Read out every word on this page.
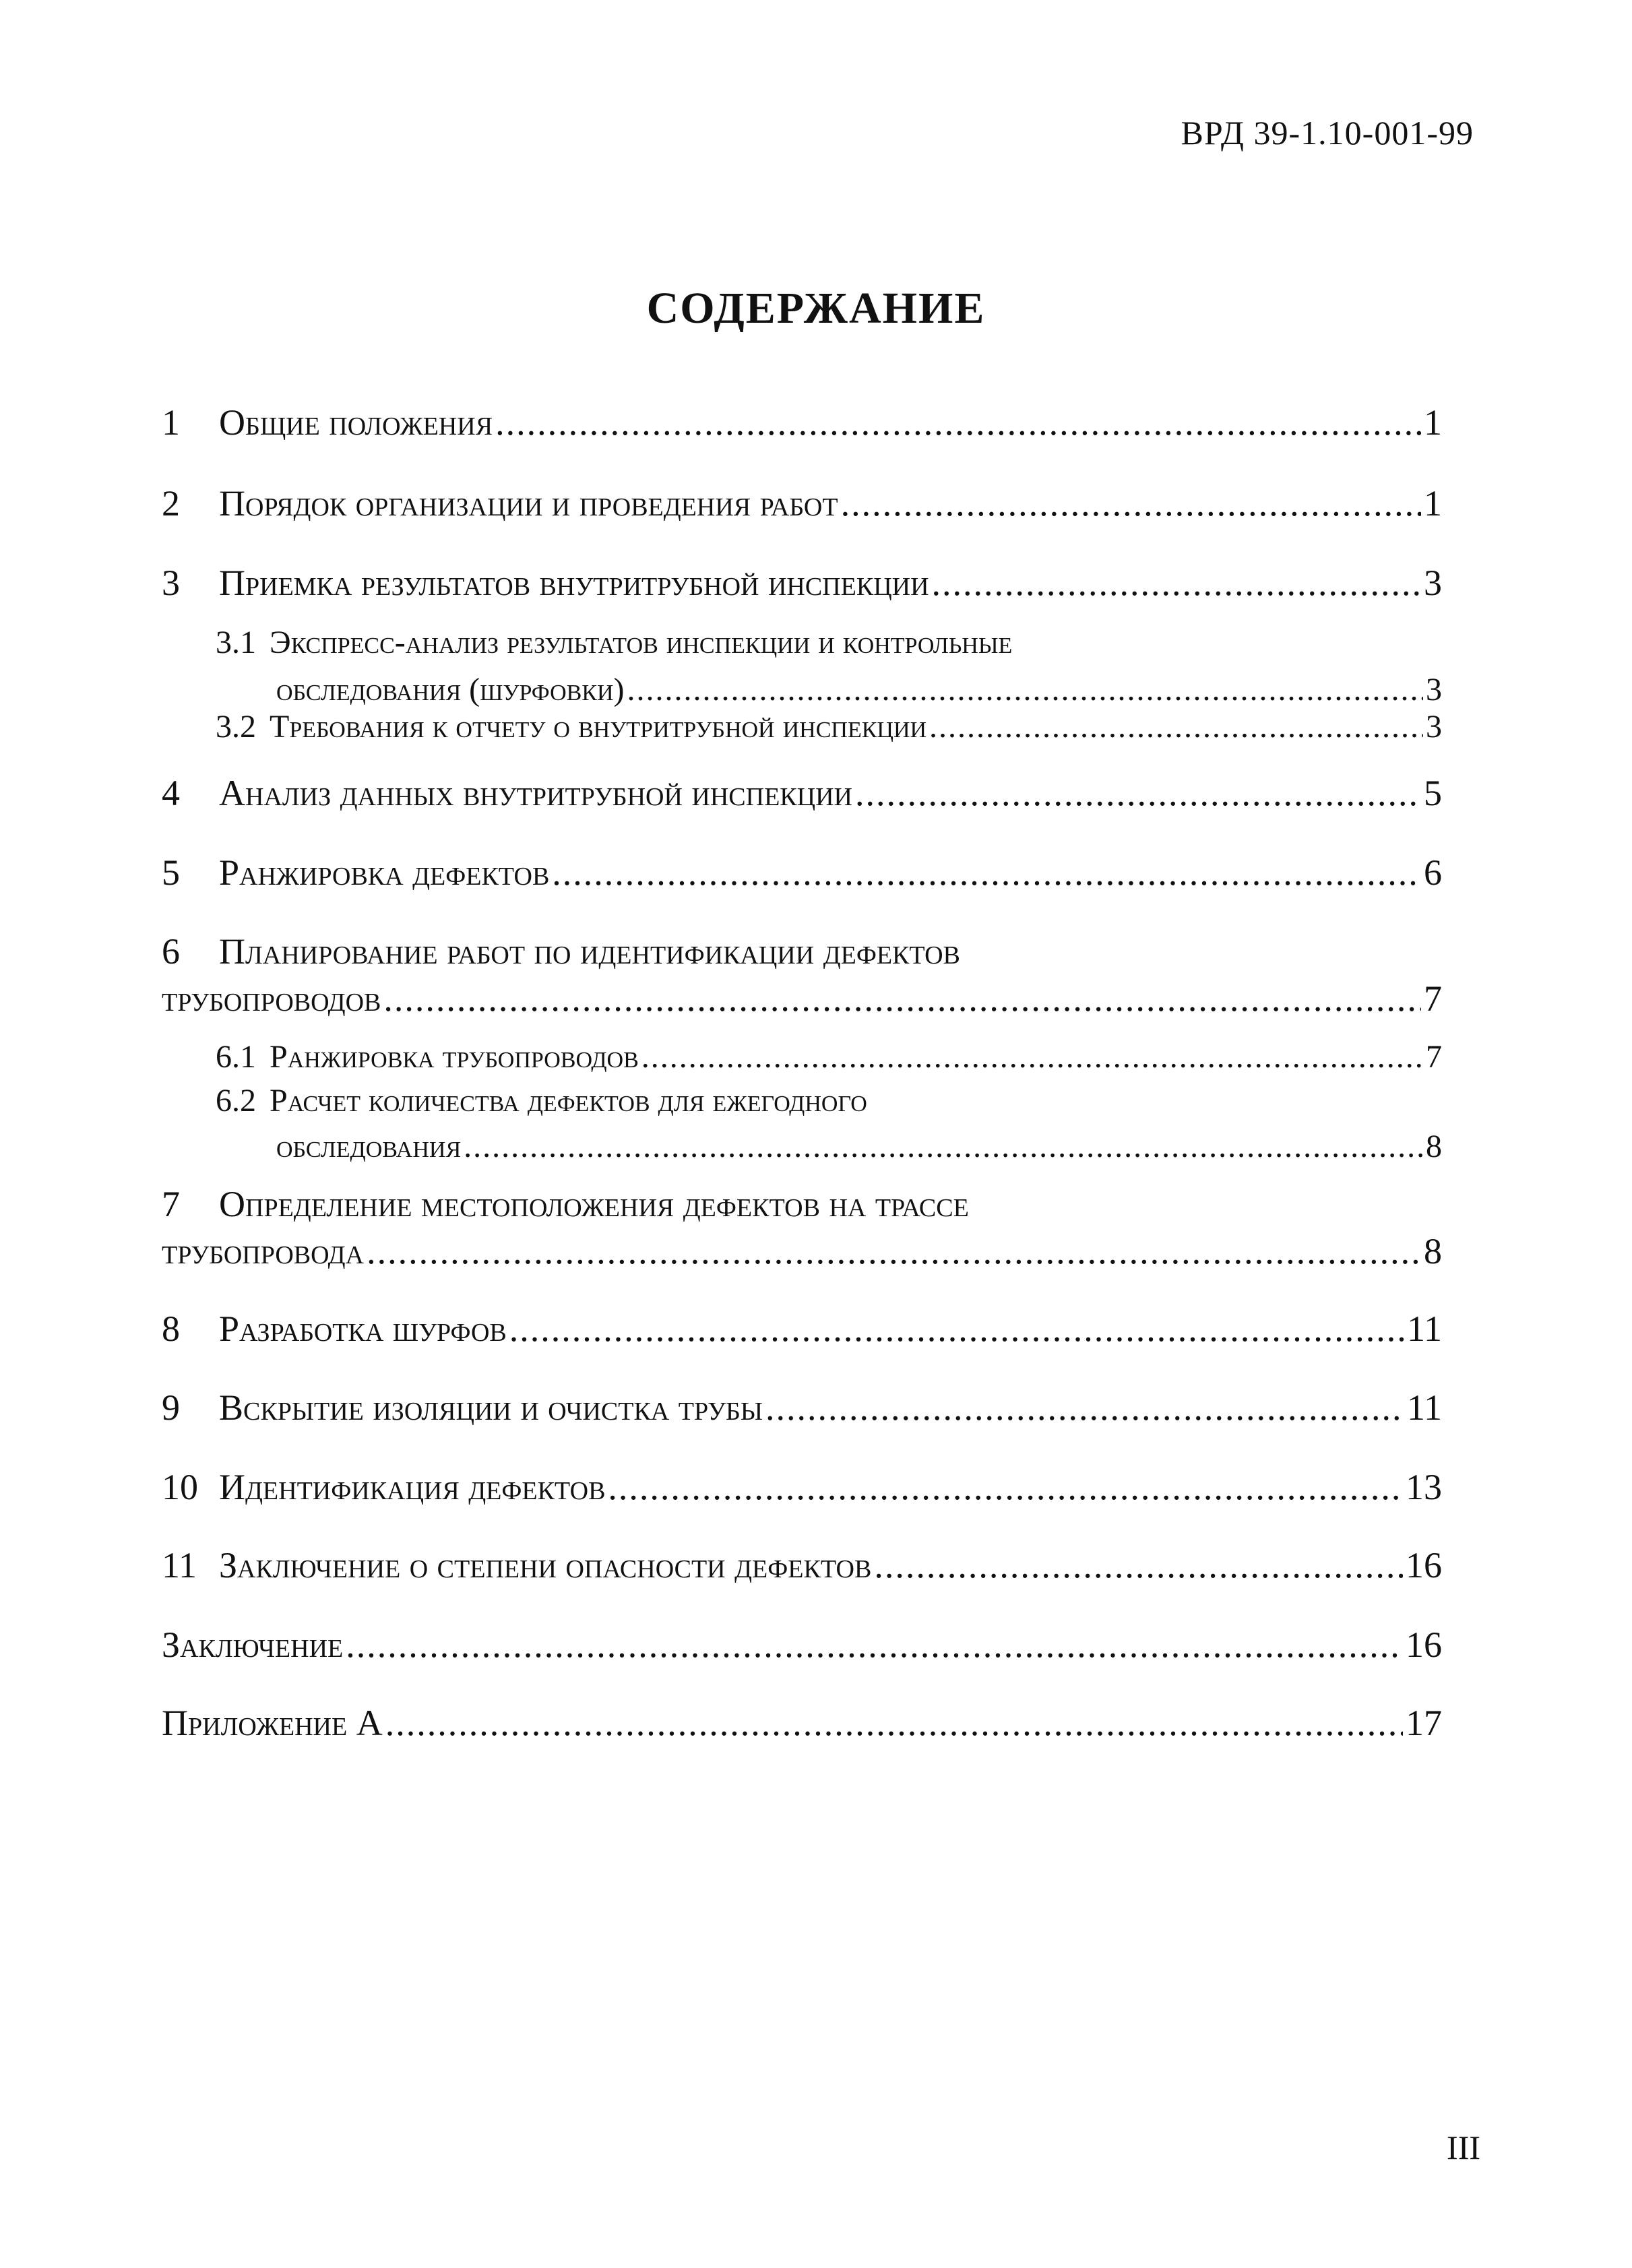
ВРД 39-1.10-001-99
СОДЕРЖАНИЕ
1	Общие положения .....	1
2	Порядок организации и проведения работ .....	1
3	Приемка результатов внутритрубной инспекции .....	3
3.1 Экспресс-анализ результатов инспекции и контрольные
обследования (шурфовки) .....	3
3.2 Требования к отчету о внутритрубной инспекции .....	3
4	Анализ данных внутритрубной инспекции .....	5
5	Ранжировка дефектов .....	6
6	Планирование работ по идентификации дефектов
трубопроводов .....	7
6.1 Ранжировка трубопроводов .....	7
6.2 Расчет количества дефектов для ежегодного
обследования .....	8
7	Определение местоположения дефектов на трассе
трубопровода .....	8
8	Разработка шурфов .....	11
9	Вскрытие изоляции и очистка трубы .....	11
10 Идентификация дефектов .....	13
11 Заключение о степени опасности дефектов .....	16
Заключение .....	16
Приложение А .....	17
III
